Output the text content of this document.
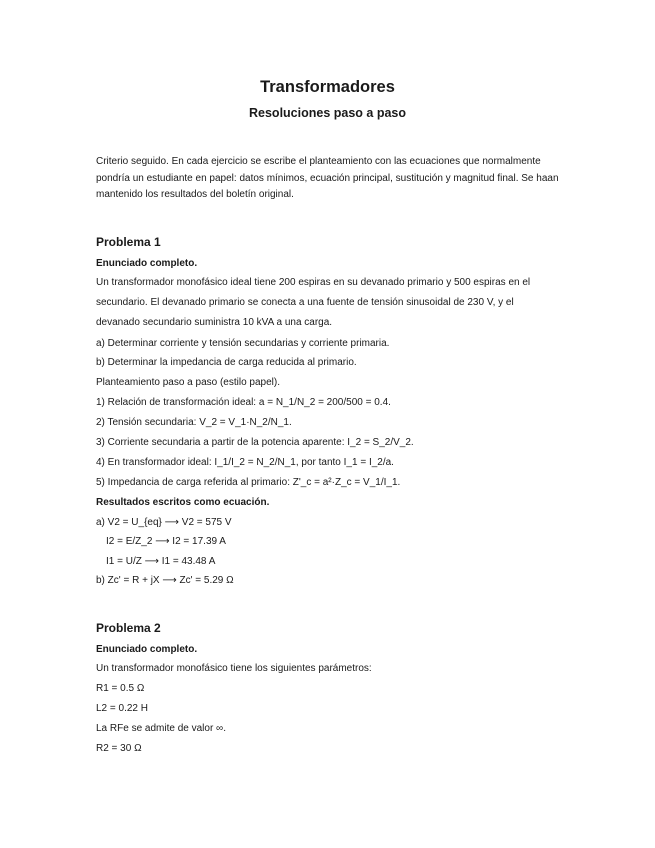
Transformadores
Resoluciones paso a paso
Criterio seguido. En cada ejercicio se escribe el planteamiento con las ecuaciones que normalmente pondría un estudiante en papel: datos mínimos, ecuación principal, sustitución y magnitud final. Se haan mantenido los resultados del boletín original.
Problema 1
Enunciado completo.
Un transformador monofásico ideal tiene 200 espiras en su devanado primario y 500 espiras en el secundario. El devanado primario se conecta a una fuente de tensión sinusoidal de 230 V, y el devanado secundario suministra 10 kVA a una carga.
a) Determinar corriente y tensión secundarias y corriente primaria.
b) Determinar la impedancia de carga reducida al primario.
Planteamiento paso a paso (estilo papel).
1) Relación de transformación ideal: a = N_1/N_2 = 200/500 = 0.4.
2) Tensión secundaria: V_2 = V_1·N_2/N_1.
3) Corriente secundaria a partir de la potencia aparente: I_2 = S_2/V_2.
4) En transformador ideal: I_1/I_2 = N_2/N_1, por tanto I_1 = I_2/a.
5) Impedancia de carga referida al primario: Z'_c = a²·Z_c = V_1/I_1.
Resultados escritos como ecuación.
a) V2 = U_{eq} ⟶ V2 = 575 V
I2 = E/Z_2 ⟶ I2 = 17.39 A
I1 = U/Z ⟶ I1 = 43.48 A
b) Zc' = R + jX ⟶ Zc' = 5.29 Ω
Problema 2
Enunciado completo.
Un transformador monofásico tiene los siguientes parámetros:
R1 = 0.5 Ω
L2 = 0.22 H
La RFe se admite de valor ∞.
R2 = 30 Ω
